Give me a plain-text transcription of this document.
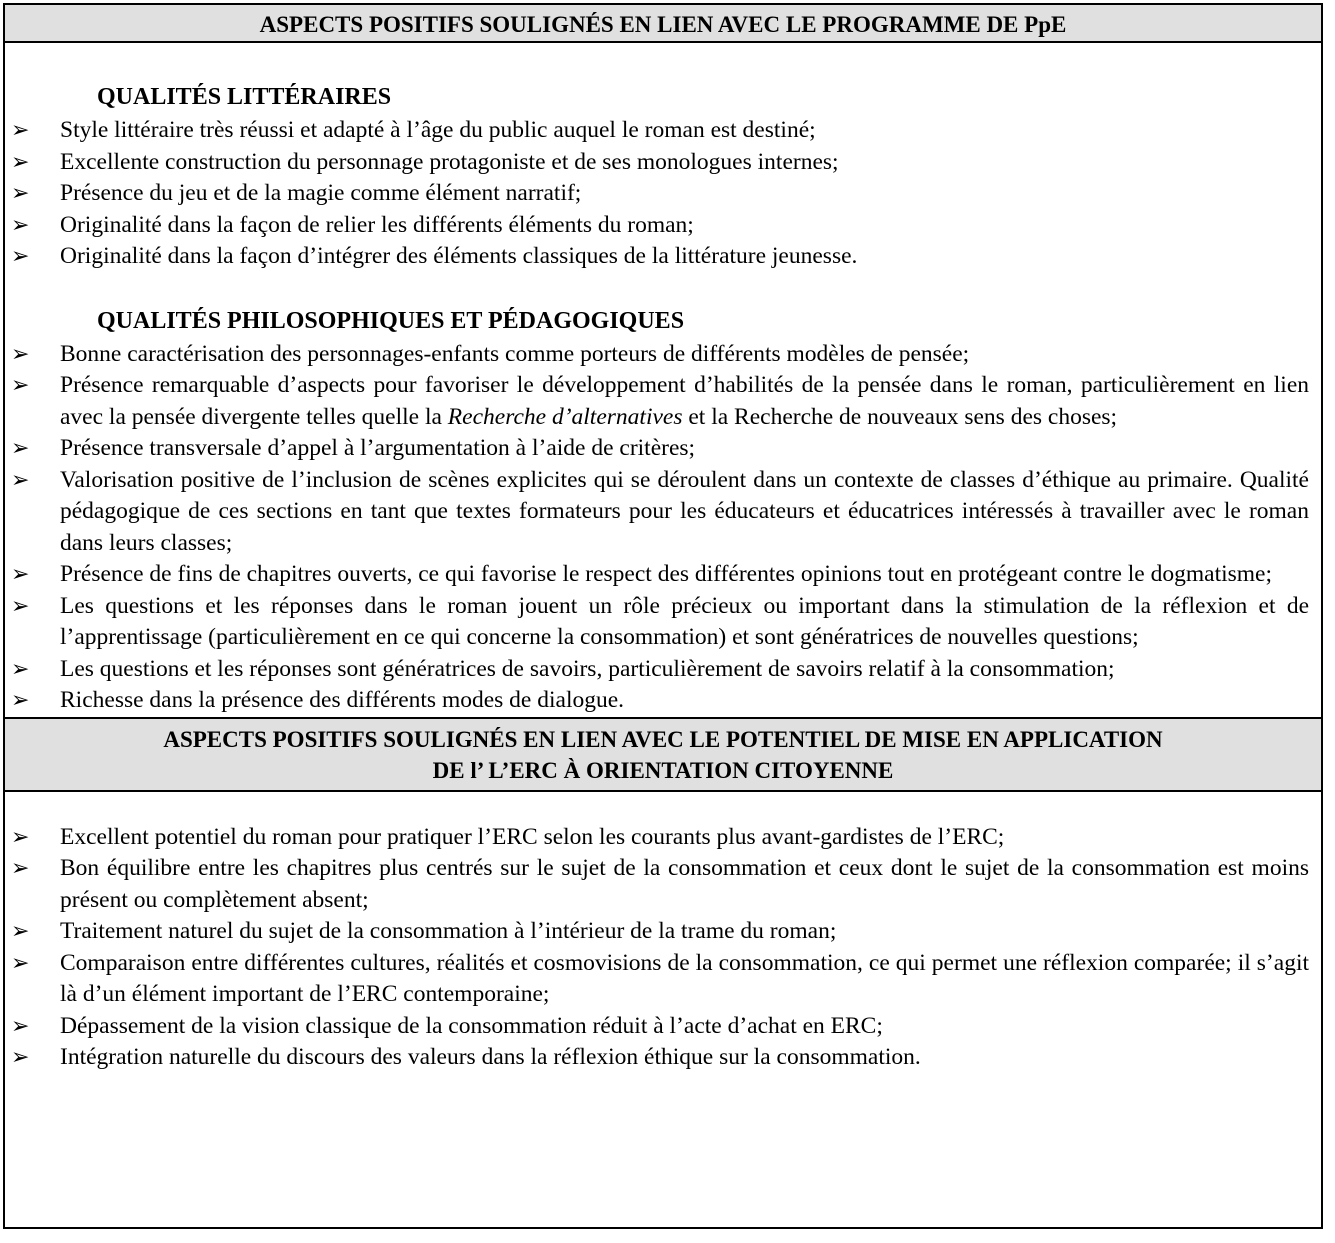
ASPECTS POSITIFS SOULIGNÉS EN LIEN AVEC LE PROGRAMME DE PpE
QUALITÉS LITTÉRAIRES
➢ Style littéraire très réussi et adapté à l’âge du public auquel le roman est destiné;
➢ Excellente construction du personnage protagoniste et de ses monologues internes;
➢ Présence du jeu et de la magie comme élément narratif;
➢ Originalité dans la façon de relier les différents éléments du roman;
➢ Originalité dans la façon d’intégrer des éléments classiques de la littérature jeunesse.
QUALITÉS PHILOSOPHIQUES ET PÉDAGOGIQUES
➢ Bonne caractérisation des personnages-enfants comme porteurs de différents modèles de pensée;
➢ Présence remarquable d’aspects pour favoriser le développement d’habilités de la pensée dans le roman, particulièrement en lien avec la pensée divergente telles quelle la Recherche d’alternatives et la Recherche de nouveaux sens des choses;
➢ Présence transversale d’appel à l’argumentation à l’aide de critères;
➢ Valorisation positive de l’inclusion de scènes explicites qui se déroulent dans un contexte de classes d’éthique au primaire. Qualité pédagogique de ces sections en tant que textes formateurs pour les éducateurs et éducatrices intéressés à travailler avec le roman dans leurs classes;
➢ Présence de fins de chapitres ouverts, ce qui favorise le respect des différentes opinions tout en protégeant contre le dogmatisme;
➢ Les questions et les réponses dans le roman jouent un rôle précieux ou important dans la stimulation de la réflexion et de l’apprentissage (particulièrement en ce qui concerne la consommation) et sont génératrices de nouvelles questions;
➢ Les questions et les réponses sont génératrices de savoirs, particulièrement de savoirs relatif à la consommation;
➢ Richesse dans la présence des différents modes de dialogue.
ASPECTS POSITIFS SOULIGNÉS EN LIEN AVEC LE POTENTIEL DE MISE EN APPLICATION
DE l’ L’ERC À ORIENTATION CITOYENNE
➢ Excellent potentiel du roman pour pratiquer l’ERC selon les courants plus avant-gardistes de l’ERC;
➢ Bon équilibre entre les chapitres plus centrés sur le sujet de la consommation et ceux dont le sujet de la consommation est moins présent ou complètement absent;
➢ Traitement naturel du sujet de la consommation à l’intérieur de la trame du roman;
➢ Comparaison entre différentes cultures, réalités et cosmovisions de la consommation, ce qui permet une réflexion comparée; il s’agit là d’un élément important de l’ERC contemporaine;
➢ Dépassement de la vision classique de la consommation réduit à l’acte d’achat en ERC;
➢ Intégration naturelle du discours des valeurs dans la réflexion éthique sur la consommation.
